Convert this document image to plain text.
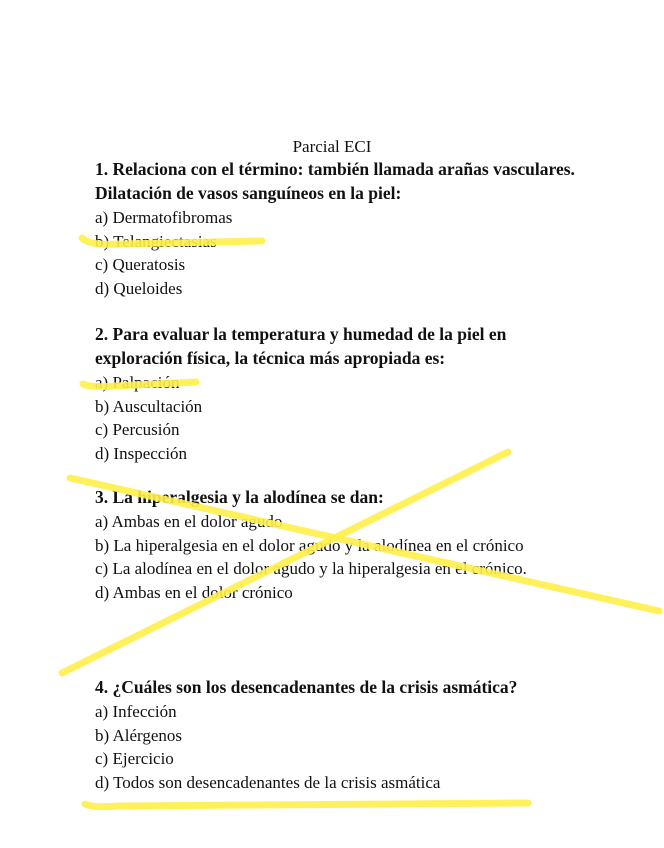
Parcial ECI

1. Relaciona con el término: también llamada arañas vasculares. Dilatación de vasos sanguíneos en la piel:

a) Dermatofibromas

b) Telangiectasias

c) Queratosis

d) Queloides

2. Para evaluar la temperatura y humedad de la piel en exploración física, la técnica más apropiada es:

a) Palpación

b) Auscultación

c) Percusión

d) Inspección

3. La hiperalgesia y la alodínea se dan:

a) Ambas en el dolor agudo

b) La hiperalgesia en el dolor agudo y la alodínea en el crónico

c) La alodínea en el dolor agudo y la hiperalgesia en el crónico.

d) Ambas en el dolor crónico

4. ¿Cuáles son los desencadenantes de la crisis asmática?

a) Infección

b) Alérgenos

c) Ejercicio

d) Todos son desencadenantes de la crisis asmática
